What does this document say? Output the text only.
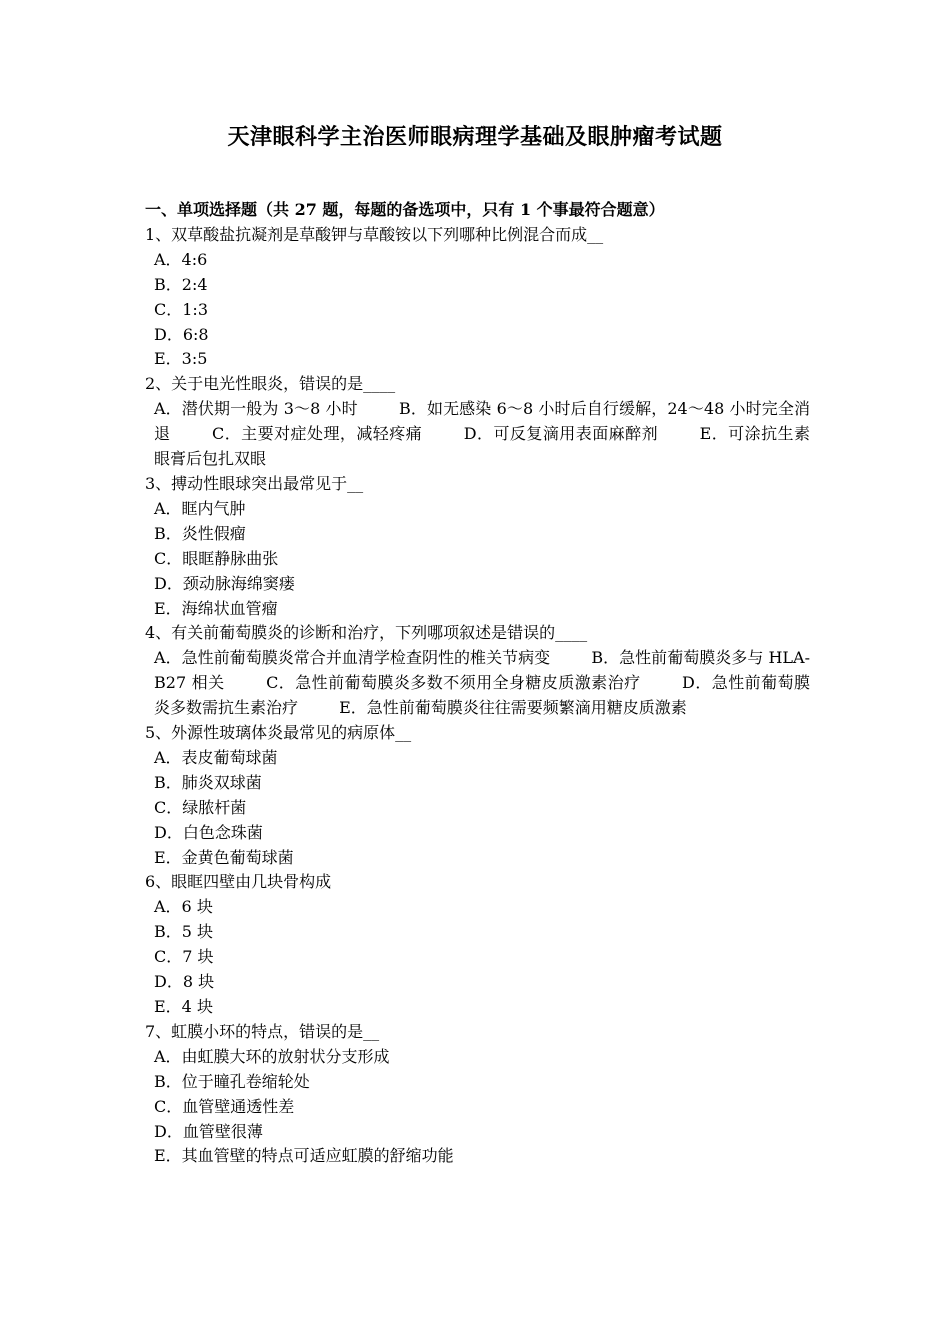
天津眼科学主治医师眼病理学基础及眼肿瘤考试题
一、单项选择题（共 27 题，每题的备选项中，只有 1 个事最符合题意）
1、双草酸盐抗凝剂是草酸钾与草酸铵以下列哪种比例混合而成__
A．4:6
B．2:4
C．1:3
D．6:8
E．3:5
2、关于电光性眼炎，错误的是____
A．潜伏期一般为 3～8 小时	B．如无感染 6～8 小时后自行缓解，24～48 小时完全消退	C．主要对症处理，减轻疼痛	D．可反复滴用表面麻醉剂	E．可涂抗生素眼膏后包扎双眼
3、搏动性眼球突出最常见于__
A．眶内气肿
B．炎性假瘤
C．眼眶静脉曲张
D．颈动脉海绵窦瘘
E．海绵状血管瘤
4、有关前葡萄膜炎的诊断和治疗，下列哪项叙述是错误的____
A．急性前葡萄膜炎常合并血清学检查阴性的椎关节病变	B．急性前葡萄膜炎多与 HLA-B27 相关	C．急性前葡萄膜炎多数不须用全身糖皮质激素治疗	D．急性前葡萄膜炎多数需抗生素治疗	E．急性前葡萄膜炎往往需要频繁滴用糖皮质激素
5、外源性玻璃体炎最常见的病原体__
A．表皮葡萄球菌
B．肺炎双球菌
C．绿脓杆菌
D．白色念珠菌
E．金黄色葡萄球菌
6、眼眶四壁由几块骨构成
A．6 块
B．5 块
C．7 块
D．8 块
E．4 块
7、虹膜小环的特点，错误的是__
A．由虹膜大环的放射状分支形成
B．位于瞳孔卷缩轮处
C．血管壁通透性差
D．血管壁很薄
E．其血管壁的特点可适应虹膜的舒缩功能
